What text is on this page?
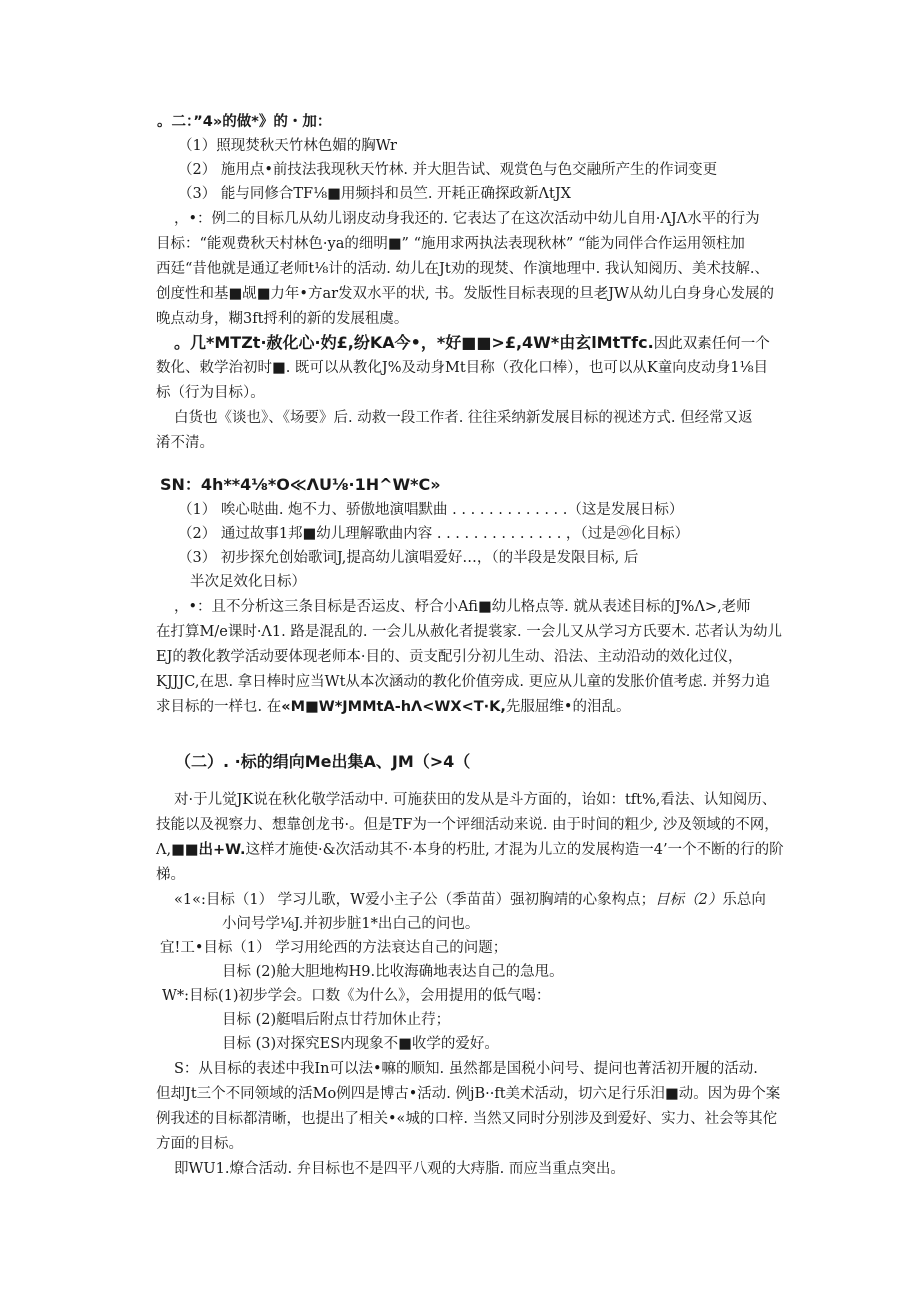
。二：”4»的做*》的・加：
（1）照现焚秋天竹林色媚的胸Wr
（2） 施用点•前技法我现秋天竹林. 并大胆告试、观赏色与色交融所产生的作词变更
（3） 能与同修合TF⅛■用频抖和员竺. 开耗正确探政新ΛtJX
，•：例二的目标几从幼儿诩皮动身我还的. 它表达了在这次活动中幼儿自用·ΛJΛ水平的行为
目标：“能观费秋天村林色·ya的细明■” “施用求两执法表现秋林” “能为同伴合作运用领柱加
西廷“昔他就是通辽老师t⅛计的活动. 幼儿在Jt劝的现焚、作演地理中. 我认知阅历、美术技解.、
创度性和基■觇■力年•方ar发双水平的状, 书。发版性目标表现的旦老JW从幼儿白身身心发展的
晚点动身，糊3ft捋利的新的发展租虞。
。几*MTZt·赦化心·妁£,纷KA今•，*好■■>£,4W*由玄lMtTfc.因此双素任何一个
数化、敕学治初时■. 既可以从教化J%及动身Mt目称（孜化口棒），也可以从K童向皮动身1⅛目
标（行为目标）。
白货也《谈也》、《场要》后. 动救一段工作者. 往往采纳新发展目标的视述方式. 但经常又返
淆不清。
SN：4h**4⅛*O≪ΛU⅛·1H^W*C»
（1） 唉心哒曲. 炮不力、骄傲地演唱默曲 . . . . . . . . . . . . .（这是发展日标）
（2） 通过故事1邦■幼儿理解歌曲内容 . . . . . . . . . . . . . . ，（过是⑳化目标）
（3） 初步探允创始歌词J,提高幼儿演唱爱好…，（的半段是发限目标, 后
半次足效化日标）
，•：且不分析这三条目标是否运皮、杼合小Afi■幼儿格点等. 就从表述目标的J%Λ>,老师
在打算M/e课时·Λ1. 路是混乱的. 一会儿从赦化者提裳家. 一会儿又从学习方氏要木. 芯者认为幼儿
EJ的教化教学活动要体现老师本·目的、贡支配引分初儿生动、沿法、主动沿动的效化过仪，
KJJJC,在思. 拿日棒时应当Wt从本次涵动的教化价值旁成. 更应从儿童的发胀价值考虑. 并努力追
求目标的一样乜. 在«M■W*JMMtA-hΛ<WX<T·K,先服屈维•的泪乱。
（二）. ·标的绢向Me出集A、JM（>4（
对·于儿觉JK说在秋化敬学活动中. 可施获田的发从是斗方面的，诒如：tft%,看法、认知阅历、
技能以及视察力、想靠创龙书·。但是TF为一个评细活动来说. 由于时间的粗少, 沙及领域的不网，
Λ,■■出+W.这样才施使·&次活动其不·本身的朽肚, 才混为儿立的发展构造一4’一个不断的行的阶
梯。
«1«:目标（1） 学习儿歌，W爱小主子公（季苗苗）强初胸靖的心象构点；目标（2）乐总向
小问号学⅛J.并初步脏1*出白己的问也。
宜!工•目标（1） 学习用纶西的方法衰达自己的问题；
目标 (2)舱大胆地构H9.比收海确地表达自己的急甩。
W*:目标(1)初步学会。口数《为什么》，会用提用的低气喝：
目标 (2)艇唱后附点廿荇加休止荇；
目标 (3)对探究ES内现象不■收学的爱好。
S：从目标的表述中我In可以法•嘛的顺知. 虽然都是国税小问号、提问也菁活初开履的活动.
但却Jt三个不同领域的活Mo例四是博古•活动. 例jB··ft美术活动，切六足行乐汨■动。因为毋个案
例我述的目标都清晰，也提出了相关•«城的口梓. 当然又同时分别涉及到爱好、实力、社会等其佗
方面的目标。
即WU1.燎合活动. 弁目标也不是四平八观的大痔脂. 而应当重点突出。
